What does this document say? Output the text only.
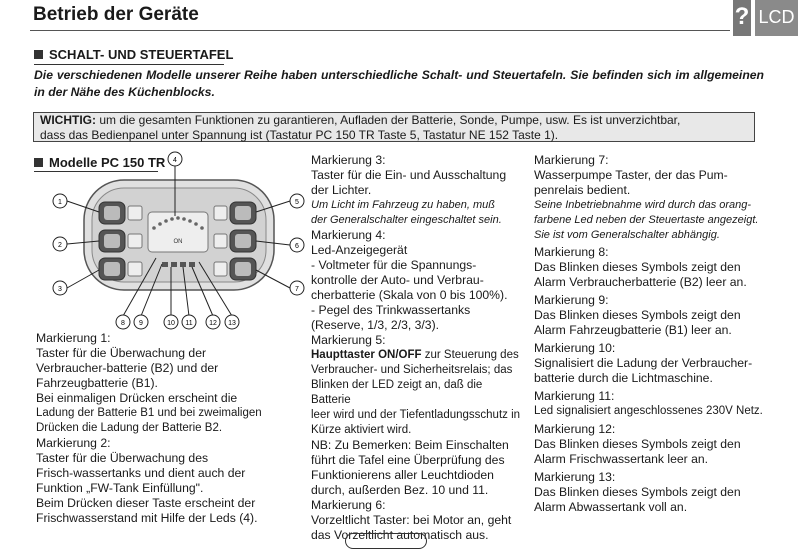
Betrieb der Geräte	? LCD
SCHALT- UND STEUERTAFEL
Die verschiedenen Modelle unserer Reihe haben unterschiedliche Schalt- und Steuertafeln. Sie befinden sich im allgemeinen in der Nähe des Küchenblocks.
WICHTIG: um die gesamten Funktionen zu garantieren, Aufladen der Batterie, Sonde, Pumpe, usw. Es ist unverzichtbar,
dass das Bedienpanel unter Spannung ist (Tastatur PC 150 TR Taste 5, Tastatur NE 152 Taste 1).
Modelle PC 150 TR
ON
1
2
3
4
5
6
7
8 9	10 11 12 13

Markierung 1:

Taster für die Überwachung der

Verbraucher-batterie (B2) und der

Fahrzeugbatterie (B1).

Bei einmaligen Drücken erscheint die

Ladung der Batterie B1 und bei zweimaligen

Drücken die Ladung der Batterie B2.

Markierung 2:

Taster für die Überwachung des

Frisch-wassertanks und dient auch der

Funktion „FW-Tank Einfüllung".

Beim Drücken dieser Taste erscheint der

Frischwasserstand mit Hilfe der Leds (4).

Markierung 3:

Taster für die Ein- und Ausschaltung

der Lichter.

Um Licht im Fahrzeug zu haben, muß

der Generalschalter eingeschaltet sein.

Markierung 4:

Led-Anzeigegerät

- Voltmeter für die Spannungs-

kontrolle der Auto- und Verbrau-

cherbatterie (Skala von 0 bis 100%).

- Pegel des Trinkwassertanks

(Reserve, 1/3, 2/3, 3/3).

Markierung 5:

Haupttaster ON/OFF zur Steuerung des

Verbraucher- und Sicherheitsrelais; das

Blinken der LED zeigt an, daß die Batterie

leer wird und der Tiefentladungsschutz in

Kürze aktiviert wird.

NB: Zu Bemerken: Beim Einschalten

führt die Tafel eine Überprüfung des

Funktionierens aller Leuchtdioden

durch, außerden Bez. 10 und 11.

Markierung 6:

Vorzeltlicht Taster: bei Motor an, geht

das Vorzeltlicht automatisch aus.

Markierung 7:

Wasserpumpe Taster, der das Pum-

penrelais bedient.

Seine Inbetriebnahme wird durch das orang-

farbene Led neben der Steuertaste angezeigt.

Sie ist vom Generalschalter abhängig.

Markierung 8:

Das Blinken dieses Symbols zeigt den

Alarm Verbraucherbatterie (B2) leer an.

Markierung 9:

Das Blinken dieses Symbols zeigt den

Alarm Fahrzeugbatterie (B1) leer an.

Markierung 10:

Signalisiert die Ladung der Verbraucher-

batterie durch die Lichtmaschine.

Markierung 11:

Led signalisiert angeschlossenes 230V Netz.

Markierung 12:

Das Blinken dieses Symbols zeigt den

Alarm Frischwassertank leer an.

Markierung 13:

Das Blinken dieses Symbols zeigt den

Alarm Abwassertank voll an.
